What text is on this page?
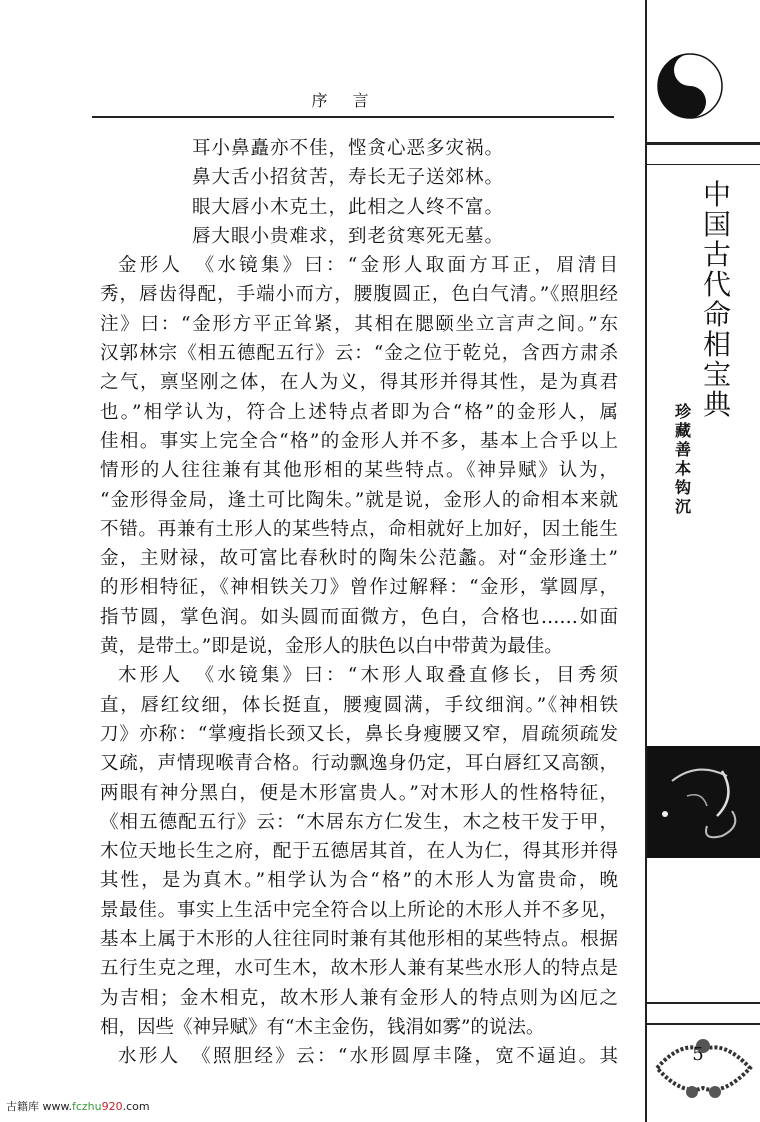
序 言
耳小鼻矗亦不佳，悭贪心恶多灾祸。
鼻大舌小招贫苦，寿长无子送郊林。
眼大唇小木克土，此相之人终不富。
唇大眼小贵难求，到老贫寒死无墓。
金形人　《水镜集》曰：“金形人取面方耳正，眉清目
秀，唇齿得配，手端小而方，腰腹圆正，色白气清。”《照胆经
注》曰：“金形方平正耸紧，其相在腮颐坐立言声之间。”东
汉郭林宗《相五德配五行》云：“金之位于乾兑，含西方肃杀
之气，禀坚刚之体，在人为义，得其形并得其性，是为真君
也。”相学认为，符合上述特点者即为合“格”的金形人，属
佳相。事实上完全合“格”的金形人并不多，基本上合乎以上
情形的人往往兼有其他形相的某些特点。《神异赋》认为，
“金形得金局，逢土可比陶朱。”就是说，金形人的命相本来就
不错。再兼有土形人的某些特点，命相就好上加好，因土能生
金，主财禄，故可富比春秋时的陶朱公范蠡。对“金形逢土”
的形相特征，《神相铁关刀》曾作过解释：“金形，掌圆厚，
指节圆，掌色润。如头圆而面微方，色白，合格也……如面
黄，是带土。”即是说，金形人的肤色以白中带黄为最佳。
木形人　《水镜集》曰：“木形人取叠直修长，目秀须
直，唇红纹细，体长挺直，腰瘦圆满，手纹细润。”《神相铁
刀》亦称：“掌瘦指长颈又长，鼻长身瘦腰又窄，眉疏须疏发
又疏，声情现喉青合格。行动飘逸身仍定，耳白唇红又高额，
两眼有神分黑白，便是木形富贵人。”对木形人的性格特征，
《相五德配五行》云：“木居东方仁发生，木之枝干发于甲，
木位天地长生之府，配于五德居其首，在人为仁，得其形并得
其性，是为真木。”相学认为合“格”的木形人为富贵命，晚
景最佳。事实上生活中完全符合以上所论的木形人并不多见，
基本上属于木形的人往往同时兼有其他形相的某些特点。根据
五行生克之理，水可生木，故木形人兼有某些水形人的特点是
为吉相；金木相克，故木形人兼有金形人的特点则为凶厄之
相，因些《神异赋》有“木主金伤，钱涓如雾”的说法。
水形人　《照胆经》云：“水形圆厚丰隆，宽不逼迫。其
中国古代命相宝典
珍藏善本钩沉
5
古籍库 www.fczhu920.com
